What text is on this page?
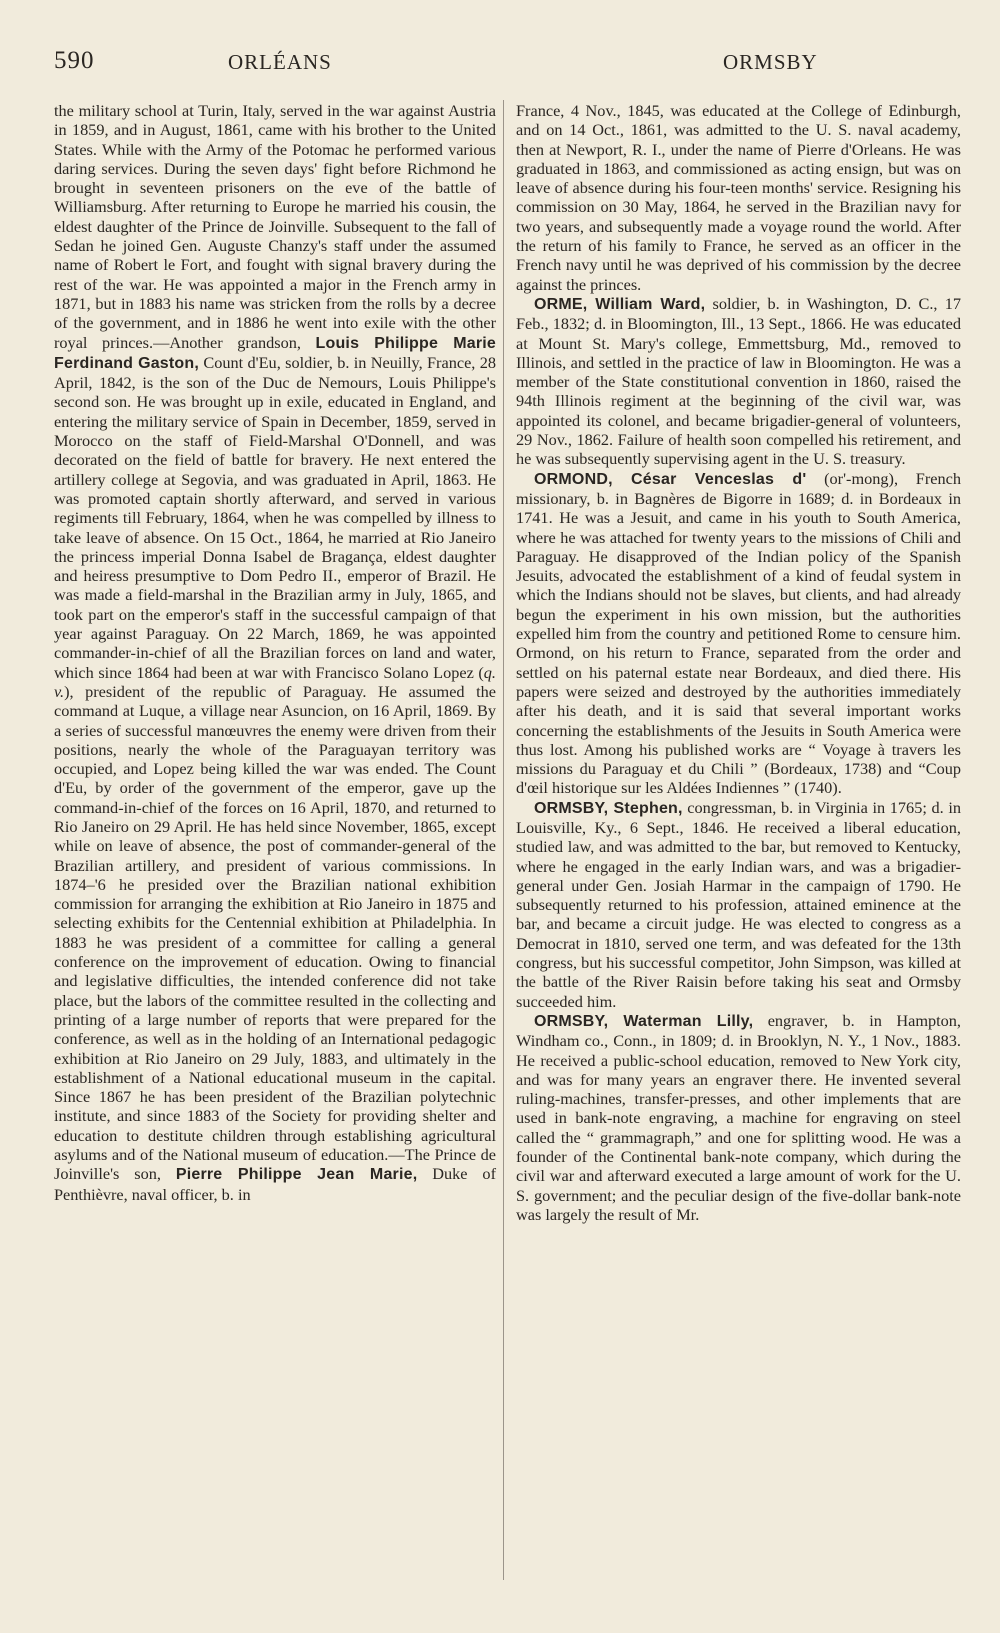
590	ORLÉANS	ORMSBY

the military school at Turin, Italy, served in the war against Austria in 1859, and in August, 1861, came with his brother to the United States. While with the Army of the Potomac he performed various daring services. During the seven days' fight before Richmond he brought in seventeen prisoners on the eve of the battle of Williamsburg. After returning to Europe he married his cousin, the eldest daughter of the Prince de Joinville. Subsequent to the fall of Sedan he joined Gen. Auguste Chanzy's staff under the assumed name of Robert le Fort, and fought with signal bravery during the rest of the war. He was appointed a major in the French army in 1871, but in 1883 his name was stricken from the rolls by a decree of the government, and in 1886 he went into exile with the other royal princes.—Another grandson, Louis Philippe Marie Ferdinand Gaston, Count d'Eu, soldier, b. in Neuilly, France, 28 April, 1842, is the son of the Duc de Nemours, Louis Philippe's second son. He was brought up in exile, educated in England, and entering the military service of Spain in December, 1859, served in Morocco on the staff of Field-Marshal O'Donnell, and was decorated on the field of battle for bravery. He next entered the artillery college at Segovia, and was graduated in April, 1863. He was promoted captain shortly afterward, and served in various regiments till February, 1864, when he was compelled by illness to take leave of absence. On 15 Oct., 1864, he married at Rio Janeiro the princess imperial Donna Isabel de Bragança, eldest daughter and heiress presumptive to Dom Pedro II., emperor of Brazil. He was made a field-marshal in the Brazilian army in July, 1865, and took part on the emperor's staff in the successful campaign of that year against Paraguay. On 22 March, 1869, he was appointed commander-in-chief of all the Brazilian forces on land and water, which since 1864 had been at war with Francisco Solano Lopez (q. v.), president of the republic of Paraguay. He assumed the command at Luque, a village near Asuncion, on 16 April, 1869. By a series of successful manœuvres the enemy were driven from their positions, nearly the whole of the Paraguayan territory was occupied, and Lopez being killed the war was ended. The Count d'Eu, by order of the government of the emperor, gave up the command-in-chief of the forces on 16 April, 1870, and returned to Rio Janeiro on 29 April. He has held since November, 1865, except while on leave of absence, the post of commander-general of the Brazilian artillery, and president of various commissions. In 1874–'6 he presided over the Brazilian national exhibition commission for arranging the exhibition at Rio Janeiro in 1875 and selecting exhibits for the Centennial exhibition at Philadelphia. In 1883 he was president of a committee for calling a general conference on the improvement of education. Owing to financial and legislative difficulties, the intended conference did not take place, but the labors of the committee resulted in the collecting and printing of a large number of reports that were prepared for the conference, as well as in the holding of an International pedagogic exhibition at Rio Janeiro on 29 July, 1883, and ultimately in the establishment of a National educational museum in the capital. Since 1867 he has been president of the Brazilian polytechnic institute, and since 1883 of the Society for providing shelter and education to destitute children through establishing agricultural asylums and of the National museum of education.—The Prince de Joinville's son, Pierre Philippe Jean Marie, Duke of Penthièvre, naval officer, b. in

France, 4 Nov., 1845, was educated at the College of Edinburgh, and on 14 Oct., 1861, was admitted to the U. S. naval academy, then at Newport, R. I., under the name of Pierre d'Orleans. He was graduated in 1863, and commissioned as acting ensign, but was on leave of absence during his four-teen months' service. Resigning his commission on 30 May, 1864, he served in the Brazilian navy for two years, and subsequently made a voyage round the world. After the return of his family to France, he served as an officer in the French navy until he was deprived of his commission by the decree against the princes.

ORME, William Ward, soldier, b. in Washington, D. C., 17 Feb., 1832; d. in Bloomington, Ill., 13 Sept., 1866. He was educated at Mount St. Mary's college, Emmettsburg, Md., removed to Illinois, and settled in the practice of law in Bloomington. He was a member of the State constitutional convention in 1860, raised the 94th Illinois regiment at the beginning of the civil war, was appointed its colonel, and became brigadier-general of volunteers, 29 Nov., 1862. Failure of health soon compelled his retirement, and he was subsequently supervising agent in the U. S. treasury.

ORMOND, César Venceslas d' (or'-mong), French missionary, b. in Bagnères de Bigorre in 1689; d. in Bordeaux in 1741. He was a Jesuit, and came in his youth to South America, where he was attached for twenty years to the missions of Chili and Paraguay. He disapproved of the Indian policy of the Spanish Jesuits, advocated the establishment of a kind of feudal system in which the Indians should not be slaves, but clients, and had already begun the experiment in his own mission, but the authorities expelled him from the country and petitioned Rome to censure him. Ormond, on his return to France, separated from the order and settled on his paternal estate near Bordeaux, and died there. His papers were seized and destroyed by the authorities immediately after his death, and it is said that several important works concerning the establishments of the Jesuits in South America were thus lost. Among his published works are “ Voyage à travers les missions du Paraguay et du Chili ” (Bordeaux, 1738) and “Coup d'œil historique sur les Aldées Indiennes ” (1740).

ORMSBY, Stephen, congressman, b. in Virginia in 1765; d. in Louisville, Ky., 6 Sept., 1846. He received a liberal education, studied law, and was admitted to the bar, but removed to Kentucky, where he engaged in the early Indian wars, and was a brigadier-general under Gen. Josiah Harmar in the campaign of 1790. He subsequently returned to his profession, attained eminence at the bar, and became a circuit judge. He was elected to congress as a Democrat in 1810, served one term, and was defeated for the 13th congress, but his successful competitor, John Simpson, was killed at the battle of the River Raisin before taking his seat and Ormsby succeeded him.

ORMSBY, Waterman Lilly, engraver, b. in Hampton, Windham co., Conn., in 1809; d. in Brooklyn, N. Y., 1 Nov., 1883. He received a public-school education, removed to New York city, and was for many years an engraver there. He invented several ruling-machines, transfer-presses, and other implements that are used in bank-note engraving, a machine for engraving on steel called the “ grammagraph,” and one for splitting wood. He was a founder of the Continental bank-note company, which during the civil war and afterward executed a large amount of work for the U. S. government; and the peculiar design of the five-dollar bank-note was largely the result of Mr.
